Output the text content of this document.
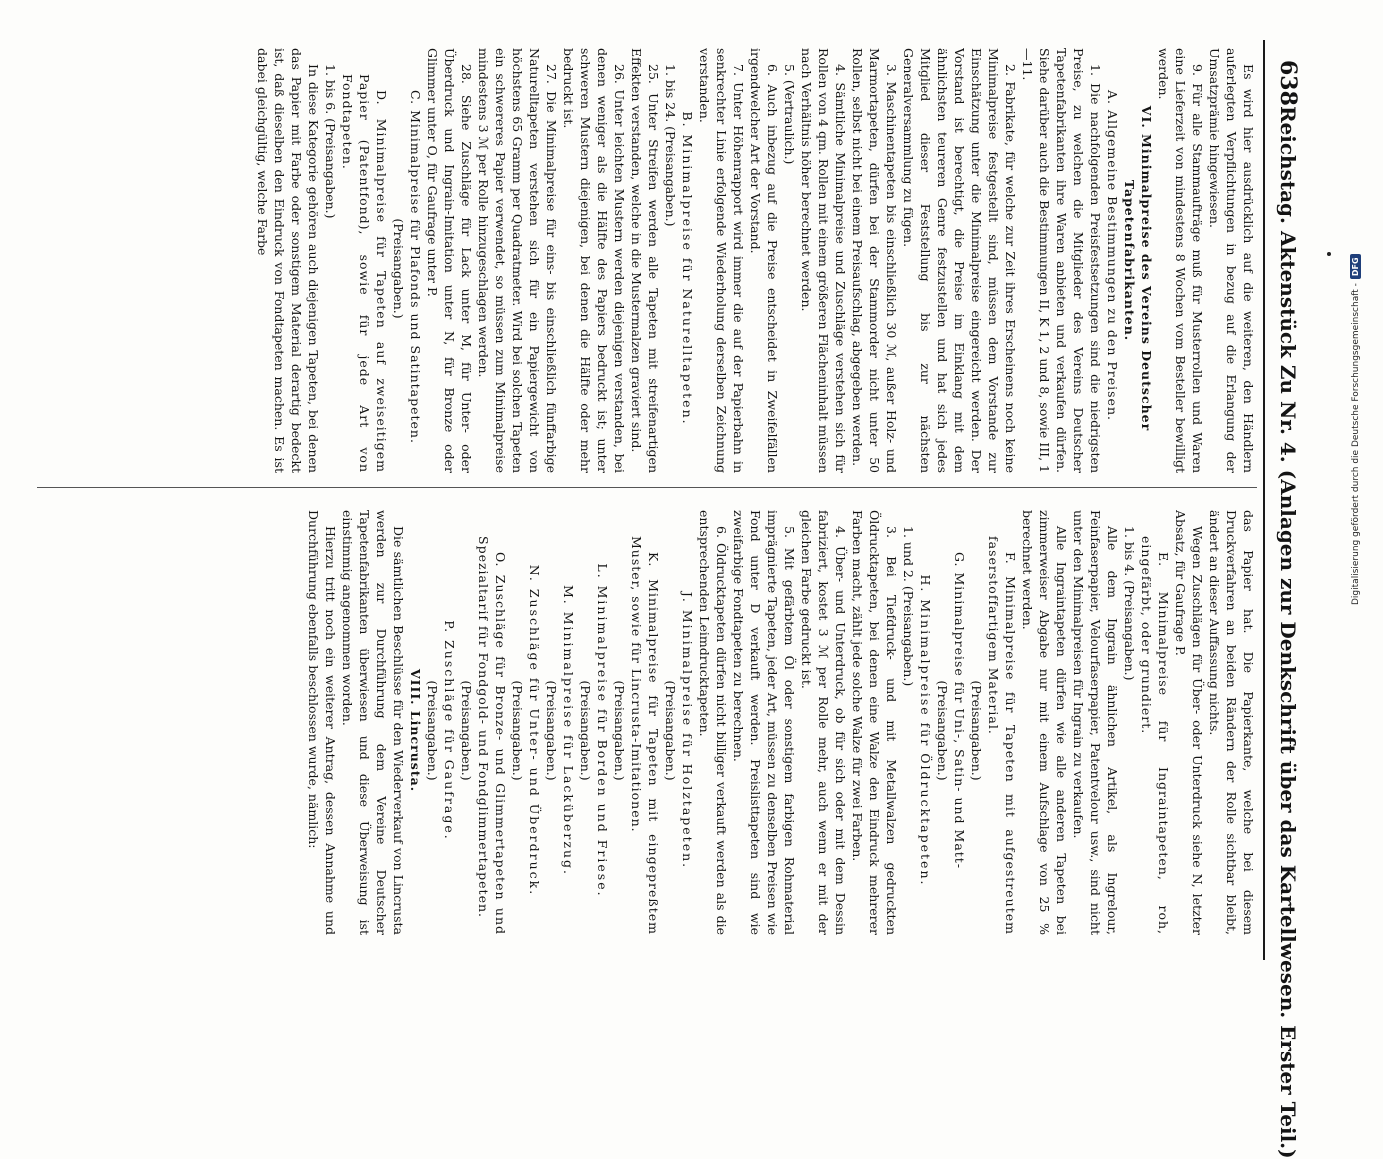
638
Reichstag. Aktenstück Zu Nr. 4. (Anlagen zur Denkschrift über das Kartellwesen. Erster Teil.)

Es wird hier ausdrücklich auf die weiteren, den Händlern auferlegten Verpflichtungen in bezug auf die Erlangung der Umsatzprämie hingewiesen.

9. Für alle Stammaufträge muß für Musterrollen und Waren eine Lieferzeit von mindestens 8 Wochen vom Besteller bewilligt werden.

VI. Minimalpreise des Vereins Deutscher Tapetenfabrikanten.

A. Allgemeine Bestimmungen zu den Preisen.

1. Die nachfolgenden Preisfestsetzungen sind die niedrigsten Preise, zu welchen die Mitglieder des Vereins Deutscher Tapetenfabrikanten ihre Waren anbieten und verkaufen dürfen. Siehe darüber auch die Bestimmungen II, K 1, 2 und 8, sowie III, 1—11.

2. Fabrikate, für welche zur Zeit ihres Erscheinens noch keine Minimalpreise festgestellt sind, müssen dem Vorstande zur Einschätzung unter die Minimalpreise eingereicht werden. Der Vorstand ist berechtigt, die Preise im Einklang mit dem ähnlichsten teureren Genre festzustellen und hat sich jedes Mitglied dieser Feststellung bis zur nächsten Generalversammlung zu fügen.

3. Maschinentapeten bis einschließlich 30 ℳ, außer Holz- und Marmortapeten, dürfen bei der Stammorder nicht unter 50 Rollen, selbst nicht bei einem Preisaufschlag, abgegeben werden.

4. Sämtliche Minimalpreise und Zuschläge verstehen sich für Rollen von 4 qm. Rollen mit einem größeren Flächeninhalt müssen nach Verhältnis höher berechnet werden.

5. (Vertraulich.)

6. Auch inbezug auf die Preise entscheidet in Zweifelfällen irgendwelcher Art der Vorstand.

7. Unter Höhenrapport wird immer die auf der Papierbahn in senkrechter Linie erfolgende Wiederholung derselben Zeichnung verstanden.

B. Minimalpreise für Naturelltapeten.

1. bis 24. (Preisangaben.)

25. Unter Streifen werden alle Tapeten mit streifenartigen Effekten verstanden, welche in die Mustermalzen graviert sind.

26. Unter leichten Mustern werden diejenigen verstanden, bei denen weniger als die Hälfte des Papiers bedruckt ist; unter schweren Mustern diejenigen, bei denen die Hälfte oder mehr bedruckt ist.

27. Die Minimalpreise für eins- bis einschließlich fünffarbige Naturelltapeten verstehen sich für ein Papiergewicht von höchstens 65 Gramm per Quadratmeter. Wird bei solchen Tapeten ein schwereres Papier verwendet, so müssen zum Minimalpreise mindestens 3 ℳ per Rolle hinzugeschlagen werden.

28. Siehe Zuschläge für Lack unter M, für Unter- oder Überdruck und Ingrain-Imitation unter N, für Bronze oder Glimmer unter O, für Gaufrage unter P.

C. Minimalpreise für Plafonds und Satintapeten.

(Preisangaben.)

D. Minimalpreise für Tapeten auf zweiseitigem Papier (Patentfond), sowie für jede Art von Fondtapeten.

1. bis 6. (Preisangaben.)

In diese Kategorie gehören auch diejenigen Tapeten, bei denen das Papier mit Farbe oder sonstigem Material derartig bedeckt ist, daß dieselben den Eindruck von Fondtapeten machen. Es ist dabei gleichgültig, welche Farbe

das Papier hat. Die Papierkante, welche bei diesem Druckverfahren an beiden Rändern der Rolle sichtbar bleibt, ändert an dieser Auffassung nichts.

Wegen Zuschlägen für Über- oder Unterdruck siehe N, letzter Absatz, für Gaufrage P.

E. Minimalpreise für Ingraintapeten, roh, eingefärbt, oder grundiert.

1. bis 4. (Preisangaben.)

Alle dem Ingrain ähnlichen Artikel, als Ingrelour, Feinfaserpapier, Velourfaserpapier, Patentvelour usw., sind nicht unter den Minimalpreisen für Ingrain zu verkaufen.

Alle Ingraintapeten dürfen wie alle anderen Tapeten bei zimmerweiser Abgabe nur mit einem Aufschlage von 25 % berechnet werden.

F. Minimalpreise für Tapeten mit aufgestreutem faserstoffartigem Material.

(Preisangaben.)

G. Minimalpreise für Uni-, Satin- und Matt-

(Preisangaben.)

H. Minimalpreise für Öldrucktapeten.

1. und 2. (Preisangaben.)

3. Bei Tiefdruck- und mit Metallwalzen gedruckten Öldrucktapeten, bei denen eine Walze den Eindruck mehrerer Farben macht, zählt jede solche Walze für zwei Farben.

4. Über- und Unterdruck, ob für sich oder mit dem Dessin fabriziert, kostet 3 ℳ per Rolle mehr, auch wenn er mit der gleichen Farbe gedruckt ist.

5. Mit gefärbtem Öl oder sonstigem farbigen Rohmaterial imprägnierte Tapeten, jeder Art, müssen zu denselben Preisen wie Fond unter D verkauft werden. Preislisttapeten sind wie zweifarbige Fondtapeten zu berechnen.

6. Öldrucktapeten dürfen nicht billiger verkauft werden als die entsprechenden Leimdrucktapeten.

J. Minimalpreise für Holztapeten.

(Preisangaben.)

K. Minimalpreise für Tapeten mit eingepreßtem Muster, sowie für Lincrusta-Imitationen.

(Preisangaben.)

L. Minimalpreise für Borden und Friese.

(Preisangaben.)

M. Minimalpreise für Lacküberzug.

(Preisangaben.)

N. Zuschläge für Unter- und Überdruck.

(Preisangaben.)

O. Zuschläge für Bronze- und Glimmertapeten und Spezialtarif für Fondgold- und Fondglimmertapeten.

(Preisangaben.)

P. Zuschläge für Gaufrage.

(Preisangaben.)

VIII. Lincrusta.

Die sämtlichen Beschlüsse für den Wiederverkauf von Lincrusta werden zur Durchführung dem Vereine Deutscher Tapetenfabrikanten überwiesen und diese Überweisung ist einstimmig angenommen worden.

Hierzu tritt noch ein weiterer Antrag, dessen Annahme und Durchführung ebenfalls beschlossen wurde, nämlich:

Digitalisierung gefördert durch die Deutsche Forschungsgemeinschaft -
DFG
